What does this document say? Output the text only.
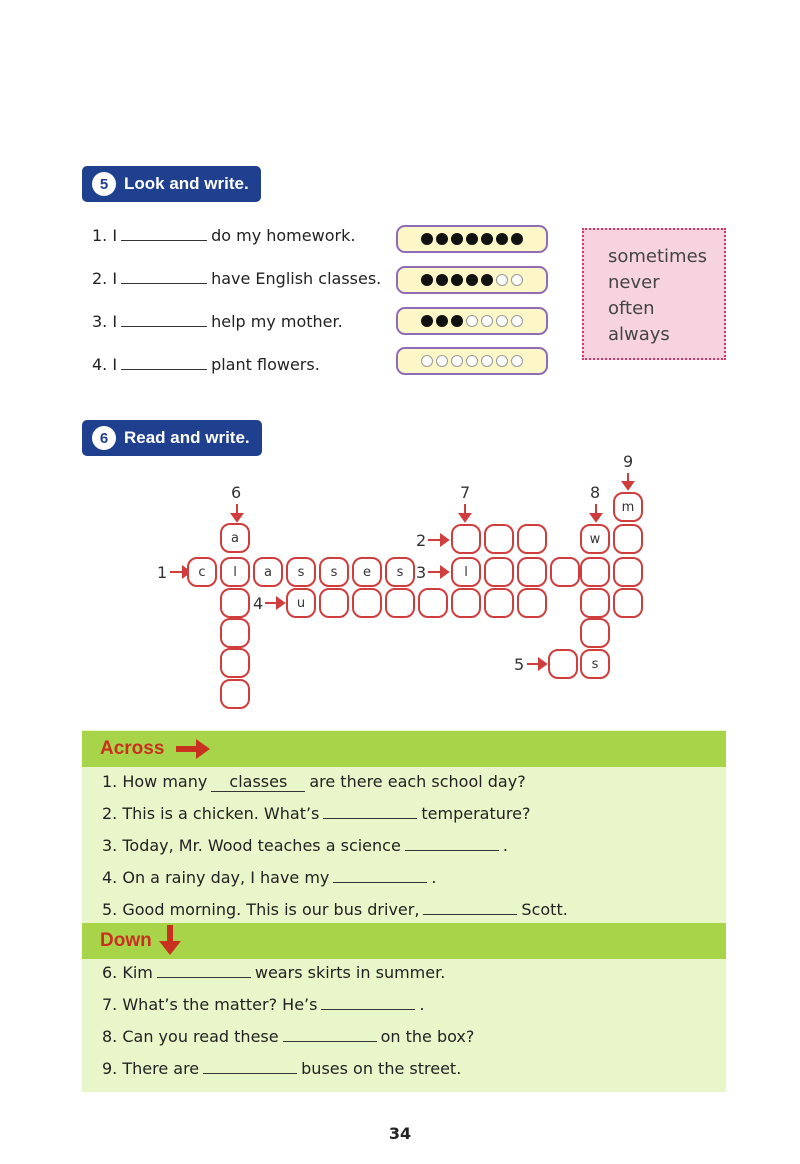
5 Look and write.
1. I	do my homework.
2. I	have English classes.
3. I	help my mother.
4. I	plant flowers.
sometimes
never
often
always
6 Read and write.
6	7	8
9
1
2
3
4
5
c l a s s e s
a
u
l
w
s
m
Across
1. How many	classes	are there each school day?
2. This is a chicken. What’s	temperature?
3. Today, Mr. Wood teaches a science	.
4. On a rainy day, I have my	.
5. Good morning. This is our bus driver,	Scott.
Down
6. Kim	wears skirts in summer.
7. What’s the matter? He’s	.
8. Can you read these	on the box?
9. There are	buses on the street.
34
